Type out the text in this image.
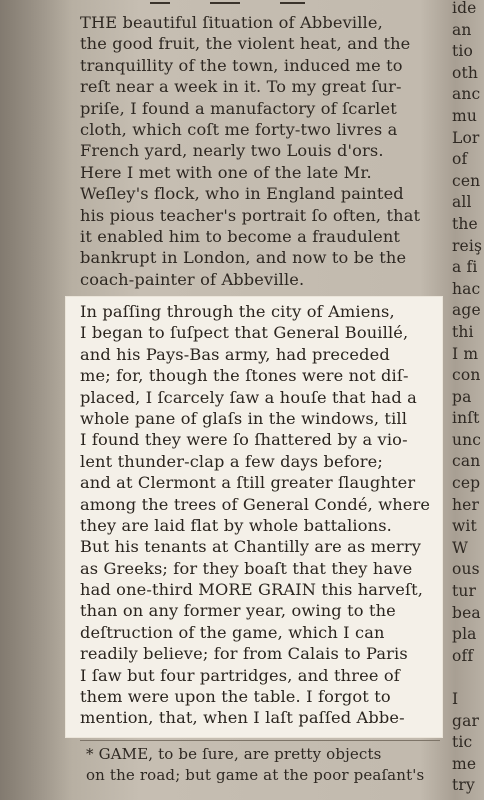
THE beautiful ſituation of Abbeville,
the good fruit, the violent heat, and the
tranquillity of the town, induced me to
reſt near a week in it. To my great ſur-
priſe, I found a manufactory of ſcarlet
cloth, which coſt me forty-two livres a
French yard, nearly two Louis d'ors.
Here I met with one of the late Mr.
Weſley's flock, who in England painted
his pious teacher's portrait ſo often, that
it enabled him to become a fraudulent
bankrupt in London, and now to be the
coach-painter of Abbeville.
In paſſing through the city of Amiens,
I began to ſuſpect that General Bouillé,
and his Pays-Bas army, had preceded
me; for, though the ſtones were not diſ-
placed, I ſcarcely ſaw a houſe that had a
whole pane of glaſs in the windows, till
I found they were ſo ſhattered by a vio-
lent thunder-clap a few days before;
and at Clermont a ſtill greater ſlaughter
among the trees of General Condé, where
they are laid flat by whole battalions.
But his tenants at Chantilly are as merry
as Greeks; for they boaſt that they have
had one-third MORE GRAIN this harveſt,
than on any former year, owing to the
deſtruction of the game, which I can
readily believe; for from Calais to Paris
I ſaw but four partridges, and three of
them were upon the table. I forgot to
mention, that, when I laſt paſſed Abbe-
* GAME, to be ſure, are pretty objects
on the road; but game at the poor peaſant's
ide
an
tio
oth
anc
mu
Lor
of
cen
all
the
reiş
a fi
hac
age
thi
I m
con
pa
inſt
unc
can
cep
her
wit
W
ous
tur
bea
pla
off
I
gar
tic
me
try
